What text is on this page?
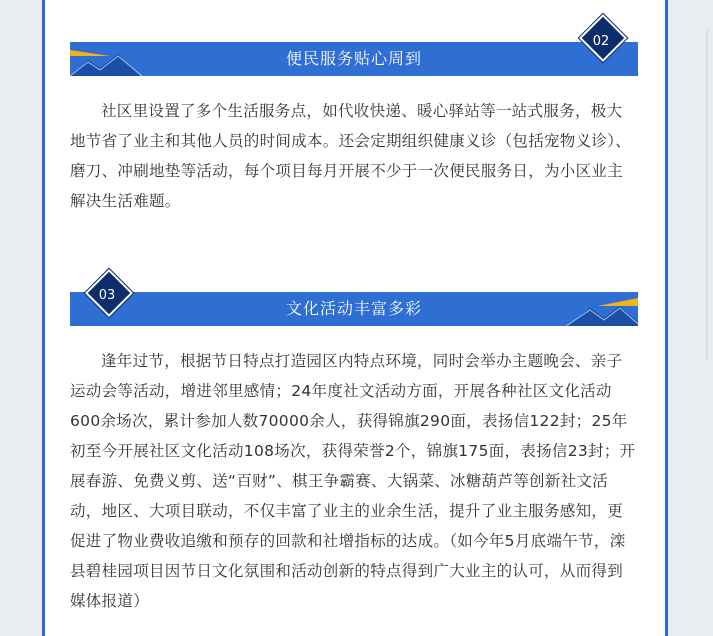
便民服务贴心周到
02

社区里设置了多个生活服务点，如代收快递、暖心驿站等一站式服务，极大地节省了业主和其他人员的时间成本。还会定期组织健康义诊（包括宠物义诊）、磨刀、冲刷地垫等活动，每个项目每月开展不少于一次便民服务日，为小区业主解决生活难题。

文化活动丰富多彩
03

逢年过节，根据节日特点打造园区内特点环境，同时会举办主题晚会、亲子运动会等活动，增进邻里感情；24年度社文活动方面，开展各种社区文化活动600余场次，累计参加人数70000余人，获得锦旗290面，表扬信122封；25年初至今开展社区文化活动108场次，获得荣誉2个，锦旗175面，表扬信23封；开展春游、免费义剪、送“百财”、棋王争霸赛、大锅菜、冰糖葫芦等创新社文活动，地区、大项目联动，不仅丰富了业主的业余生活，提升了业主服务感知，更促进了物业费收追缴和预存的回款和社增指标的达成。（如今年5月底端午节，滦县碧桂园项目因节日文化氛围和活动创新的特点得到广大业主的认可，从而得到媒体报道）
